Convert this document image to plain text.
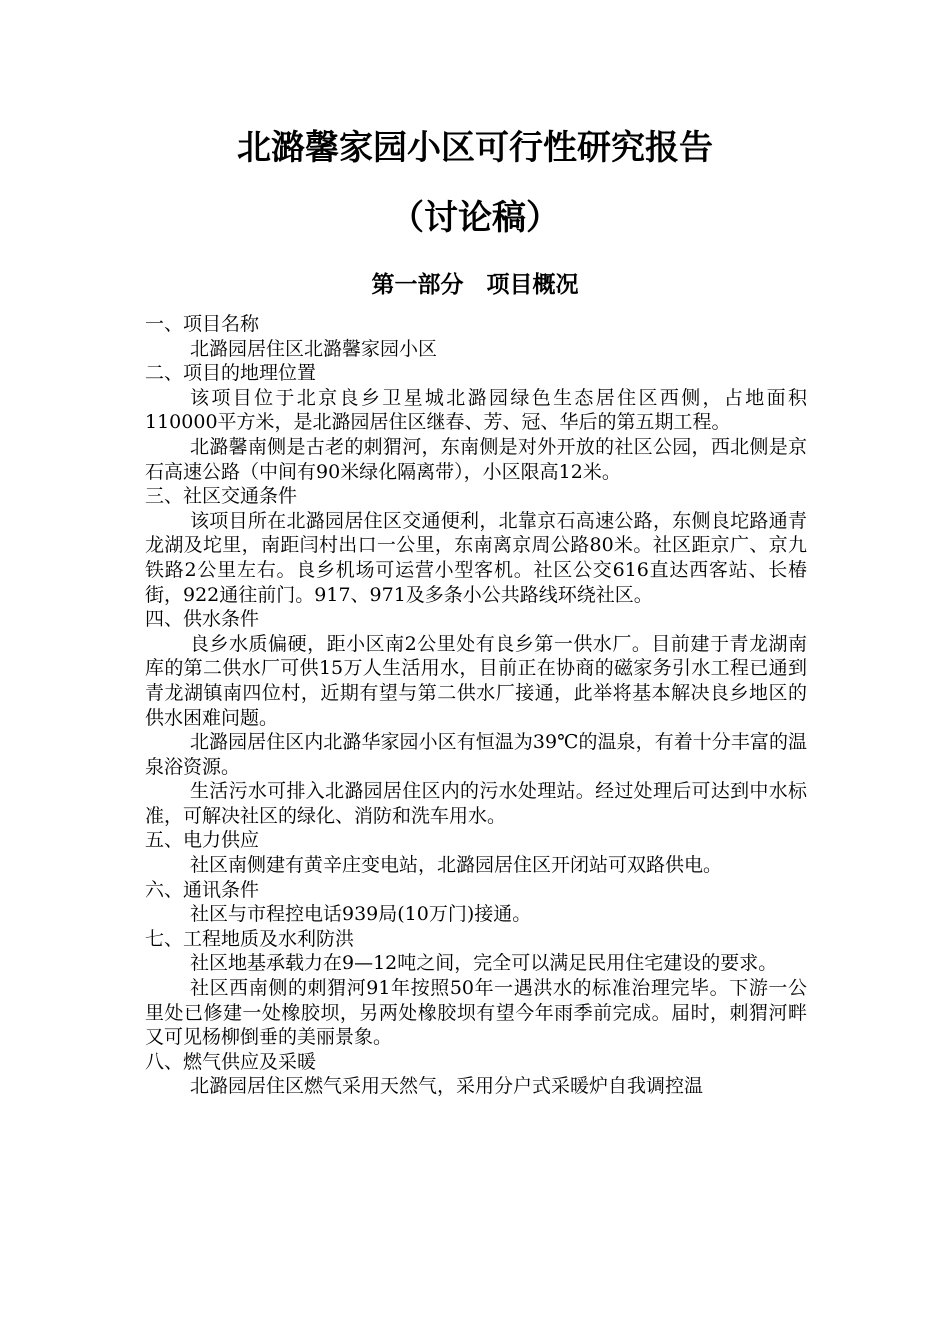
北潞馨家园小区可行性研究报告
（讨论稿）
第一部分　项目概况
一、项目名称
北潞园居住区北潞馨家园小区
二、项目的地理位置
该项目位于北京良乡卫星城北潞园绿色生态居住区西侧，占地面积110000平方米，是北潞园居住区继春、芳、冠、华后的第五期工程。
北潞馨南侧是古老的刺猬河，东南侧是对外开放的社区公园，西北侧是京石高速公路（中间有90米绿化隔离带），小区限高12米。
三、社区交通条件
该项目所在北潞园居住区交通便利，北靠京石高速公路，东侧良坨路通青龙湖及坨里，南距闫村出口一公里，东南离京周公路80米。社区距京广、京九铁路2公里左右。良乡机场可运营小型客机。社区公交616直达西客站、长椿街，922通往前门。917、971及多条小公共路线环绕社区。
四、供水条件
良乡水质偏硬，距小区南2公里处有良乡第一供水厂。目前建于青龙湖南库的第二供水厂可供15万人生活用水，目前正在协商的磁家务引水工程已通到青龙湖镇南四位村，近期有望与第二供水厂接通，此举将基本解决良乡地区的供水困难问题。
北潞园居住区内北潞华家园小区有恒温为39℃的温泉，有着十分丰富的温泉浴资源。
生活污水可排入北潞园居住区内的污水处理站。经过处理后可达到中水标准，可解决社区的绿化、消防和洗车用水。
五、电力供应
社区南侧建有黄辛庄变电站，北潞园居住区开闭站可双路供电。
六、通讯条件
社区与市程控电话939局(10万门)接通。
七、工程地质及水利防洪
社区地基承载力在9—12吨之间，完全可以满足民用住宅建设的要求。
社区西南侧的刺猬河91年按照50年一遇洪水的标准治理完毕。下游一公里处已修建一处橡胶坝，另两处橡胶坝有望今年雨季前完成。届时，刺猬河畔又可见杨柳倒垂的美丽景象。
八、燃气供应及采暖
北潞园居住区燃气采用天然气，采用分户式采暖炉自我调控温
